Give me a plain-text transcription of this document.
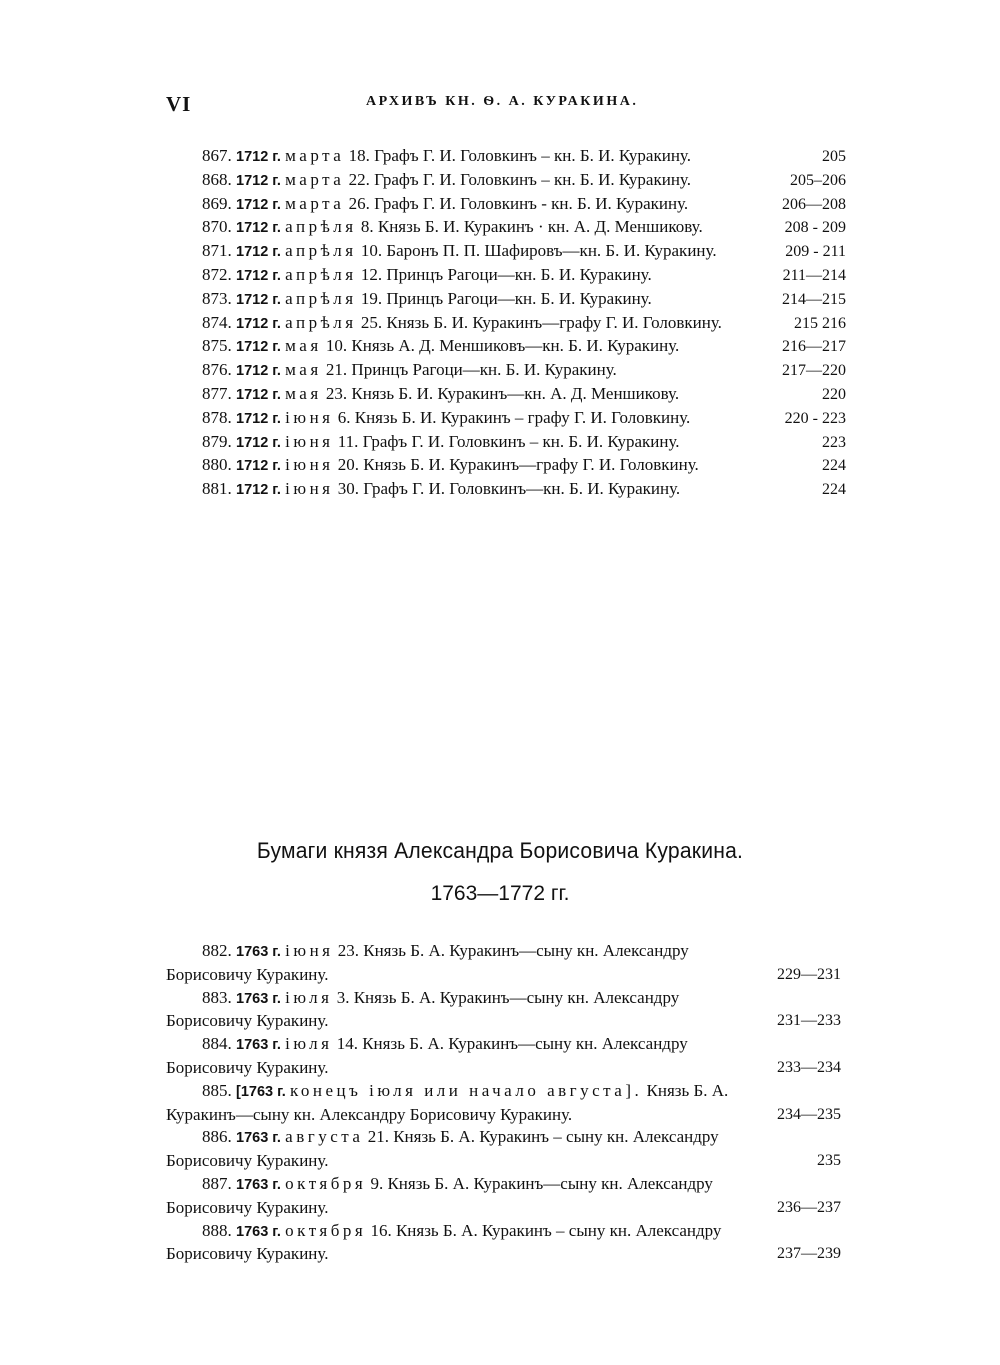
VI	АРХИВЪ КН. Ѳ. А. КУРАКИНА.
867. 1712 г. марта 18. Графъ Г. И. Головкинъ – кн. Б. И. Куракину.	205
868. 1712 г. марта 22. Графъ Г. И. Головкинъ – кн. Б. И. Куракину.	205–206
869. 1712 г. марта 26. Графъ Г. И. Головкинъ - кн. Б. И. Куракину.	206—208
870. 1712 г. апрѣля 8. Князь Б. И. Куракинъ · кн. А. Д. Меншикову.	208 - 209
871. 1712 г. апрѣля 10. Баронъ П. П. Шафировъ—кн. Б. И. Куракину.	209 - 211
872. 1712 г. апрѣля 12. Принцъ Рагоци—кн. Б. И. Куракину.	211—214
873. 1712 г. апрѣля 19. Принцъ Рагоци—кн. Б. И. Куракину.	214—215
874. 1712 г. апрѣля 25. Князь Б. И. Куракинъ—графу Г. И. Головкину.	215 216
875. 1712 г. мая 10. Князь А. Д. Меншиковъ—кн. Б. И. Куракину.	216—217
876. 1712 г. мая 21. Принцъ Рагоци—кн. Б. И. Куракину.	217—220
877. 1712 г. мая 23. Князь Б. И. Куракинъ—кн. А. Д. Меншикову.	220
878. 1712 г. іюня 6. Князь Б. И. Куракинъ – графу Г. И. Головкину.	220 - 223
879. 1712 г. іюня 11. Графъ Г. И. Головкинъ – кн. Б. И. Куракину.	223
880. 1712 г. іюня 20. Князь Б. И. Куракинъ—графу Г. И. Головкину.	224
881. 1712 г. іюня 30. Графъ Г. И. Головкинъ—кн. Б. И. Куракину.	224
Бумаги князя Александра Борисовича Куракина.
1763—1772 гг.
882. 1763 г. іюня 23. Князь Б. А. Куракинъ—сыну кн. Александру Борисовичу Куракину.	229—231
883. 1763 г. іюля 3. Князь Б. А. Куракинъ—сыну кн. Александру Борисовичу Куракину.	231—233
884. 1763 г. іюля 14. Князь Б. А. Куракинъ—сыну кн. Александру Борисовичу Куракину.	233—234
885. [1763 г. конецъ іюля или начало августа]. Князь Б. А. Куракинъ—сыну кн. Александру Борисовичу Куракину.	234—235
886. 1763 г. августа 21. Князь Б. А. Куракинъ – сыну кн. Александру Борисовичу Куракину.	235
887. 1763 г. октября 9. Князь Б. А. Куракинъ—сыну кн. Александру Борисовичу Куракину.	236—237
888. 1763 г. октября 16. Князь Б. А. Куракинъ – сыну кн. Александру Борисовичу Куракину.	237—239
